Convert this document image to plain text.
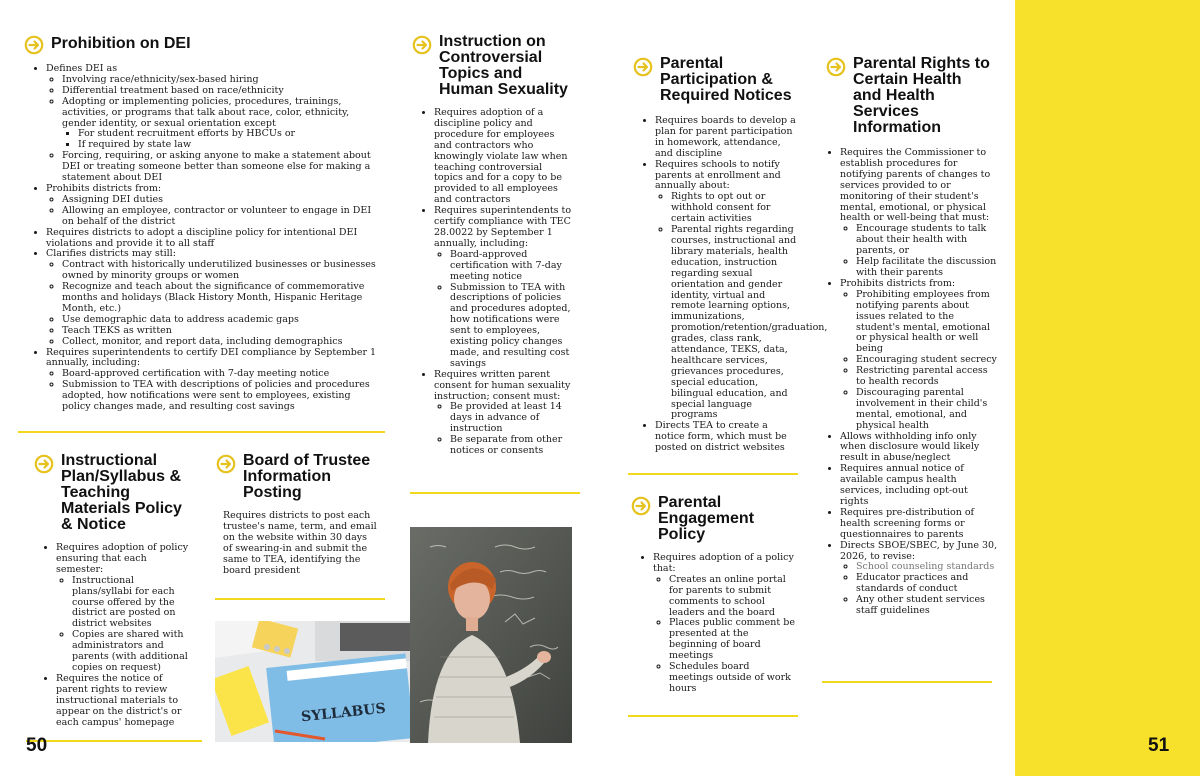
Prohibition on DEI
• Defines DEI as
◦ Involving race/ethnicity/sex-based hiring
◦ Differential treatment based on race/ethnicity
◦ Adopting or implementing policies, procedures, trainings, activities, or programs that talk about race, color, ethnicity, gender identity, or sexual orientation except
▪ For student recruitment efforts by HBCUs or
▪ If required by state law
◦ Forcing, requiring, or asking anyone to make a statement about DEI or treating someone better than someone else for making a statement about DEI
• Prohibits districts from:
◦ Assigning DEI duties
◦ Allowing an employee, contractor or volunteer to engage in DEI on behalf of the district
• Requires districts to adopt a discipline policy for intentional DEI violations and provide it to all staff
• Clarifies districts may still:
◦ Contract with historically underutilized businesses or businesses owned by minority groups or women
◦ Recognize and teach about the significance of commemorative months and holidays (Black History Month, Hispanic Heritage Month, etc.)
◦ Use demographic data to address academic gaps
◦ Teach TEKS as written
◦ Collect, monitor, and report data, including demographics
• Requires superintendents to certify DEI compliance by September 1 annually, including:
◦ Board-approved certification with 7-day meeting notice
◦ Submission to TEA with descriptions of policies and procedures adopted, how notifications were sent to employees, existing policy changes made, and resulting cost savings
Instructional
Plan/Syllabus &
Teaching
Materials Policy
& Notice
• Requires adoption of policy ensuring that each semester:
◦ Instructional plans/syllabi for each course offered by the district are posted on district websites
◦ Copies are shared with administrators and parents (with additional copies on request)
• Requires the notice of parent rights to review instructional materials to appear on the district's or each campus' homepage
50
Board of Trustee
Information
Posting
Requires districts to post each trustee's name, term, and email on the website within 30 days of swearing-in and submit the same to TEA, identifying the board president
SYLLABUS
Instruction on
Controversial
Topics and
Human Sexuality
• Requires adoption of a discipline policy and procedure for employees and contractors who knowingly violate law when teaching controversial topics and for a copy to be provided to all employees and contractors
• Requires superintendents to certify compliance with TEC 28.0022 by September 1 annually, including:
◦ Board-approved certification with 7-day meeting notice
◦ Submission to TEA with descriptions of policies and procedures adopted, how notifications were sent to employees, existing policy changes made, and resulting cost savings
• Requires written parent consent for human sexuality instruction; consent must:
◦ Be provided at least 14 days in advance of instruction
◦ Be separate from other notices or consents
Parental
Participation &
Required Notices
• Requires boards to develop a plan for parent participation in homework, attendance, and discipline
• Requires schools to notify parents at enrollment and annually about:
◦ Rights to opt out or withhold consent for certain activities
◦ Parental rights regarding courses, instructional and library materials, health education, instruction regarding sexual orientation and gender identity, virtual and remote learning options, immunizations, promotion/retention/graduation, grades, class rank, attendance, TEKS, data, healthcare services, grievances procedures, special education, bilingual education, and special language programs
• Directs TEA to create a notice form, which must be posted on district websites
Parental
Engagement
Policy
• Requires adoption of a policy that:
◦ Creates an online portal for parents to submit comments to school leaders and the board
◦ Places public comment be presented at the beginning of board meetings
◦ Schedules board meetings outside of work hours
Parental Rights to
Certain Health
and Health
Services
Information
• Requires the Commissioner to establish procedures for notifying parents of changes to services provided to or monitoring of their student's mental, emotional, or physical health or well-being that must:
◦ Encourage students to talk about their health with parents, or
◦ Help facilitate the discussion with their parents
• Prohibits districts from:
◦ Prohibiting employees from notifying parents about issues related to the student's mental, emotional or physical health or well being
◦ Encouraging student secrecy
◦ Restricting parental access to health records
◦ Discouraging parental involvement in their child's mental, emotional, and physical health
• Allows withholding info only when disclosure would likely result in abuse/neglect
• Requires annual notice of available campus health services, including opt-out rights
• Requires pre-distribution of health screening forms or questionnaires to parents
• Directs SBOE/SBEC, by June 30, 2026, to revise:
◦ School counseling standards
◦ Educator practices and standards of conduct
◦ Any other student services staff guidelines
51
